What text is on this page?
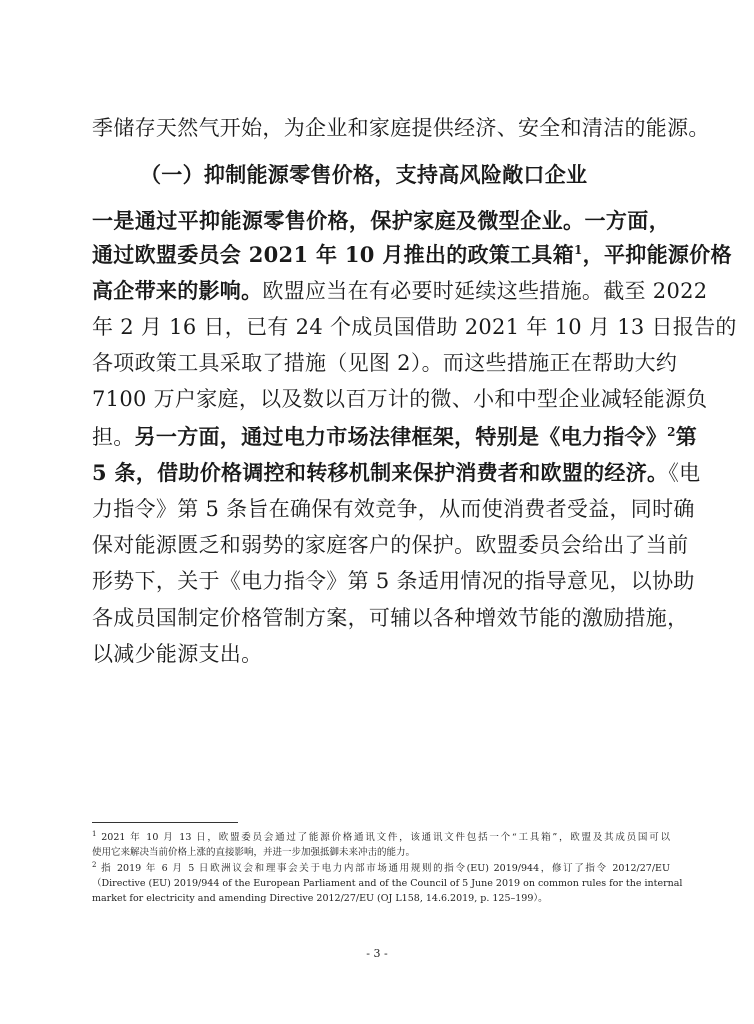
季储存天然气开始，为企业和家庭提供经济、安全和清洁的能源。
（一）抑制能源零售价格，支持高风险敞口企业
一是通过平抑能源零售价格，保护家庭及微型企业。一方面，
通过欧盟委员会 2021 年 10 月推出的政策工具箱$^1$，平抑能源价格
高企带来的影响。欧盟应当在有必要时延续这些措施。截至 2022
年 2 月 16 日，已有 24 个成员国借助 2021 年 10 月 13 日报告的
各项政策工具采取了措施（见图 2）。而这些措施正在帮助大约
7100 万户家庭，以及数以百万计的微、小和中型企业减轻能源负
担。另一方面，通过电力市场法律框架，特别是《电力指令》$^2$第
5 条，借助价格调控和转移机制来保护消费者和欧盟的经济。《电
力指令》第 5 条旨在确保有效竞争，从而使消费者受益，同时确
保对能源匮乏和弱势的家庭客户的保护。欧盟委员会给出了当前
形势下，关于《电力指令》第 5 条适用情况的指导意见，以协助
各成员国制定价格管制方案，可辅以各种增效节能的激励措施，
以减少能源支出。
$^1$ 2021 年 10 月 13 日，欧盟委员会通过了能源价格通讯文件，该通讯文件包括一个“工具箱”，欧盟及其成员国可以
使用它来解决当前价格上涨的直接影响，并进一步加强抵御未来冲击的能力。
$^2$ 指 2019 年 6 月 5 日欧洲议会和理事会关于电力内部市场通用规则的指令(EU) 2019/944，修订了指令 2012/27/EU
（Directive (EU) 2019/944 of the European Parliament and of the Council of 5 June 2019 on common rules for the internal
market for electricity and amending Directive 2012/27/EU (OJ L158, 14.6.2019, p. 125–199）。
- 3 -
